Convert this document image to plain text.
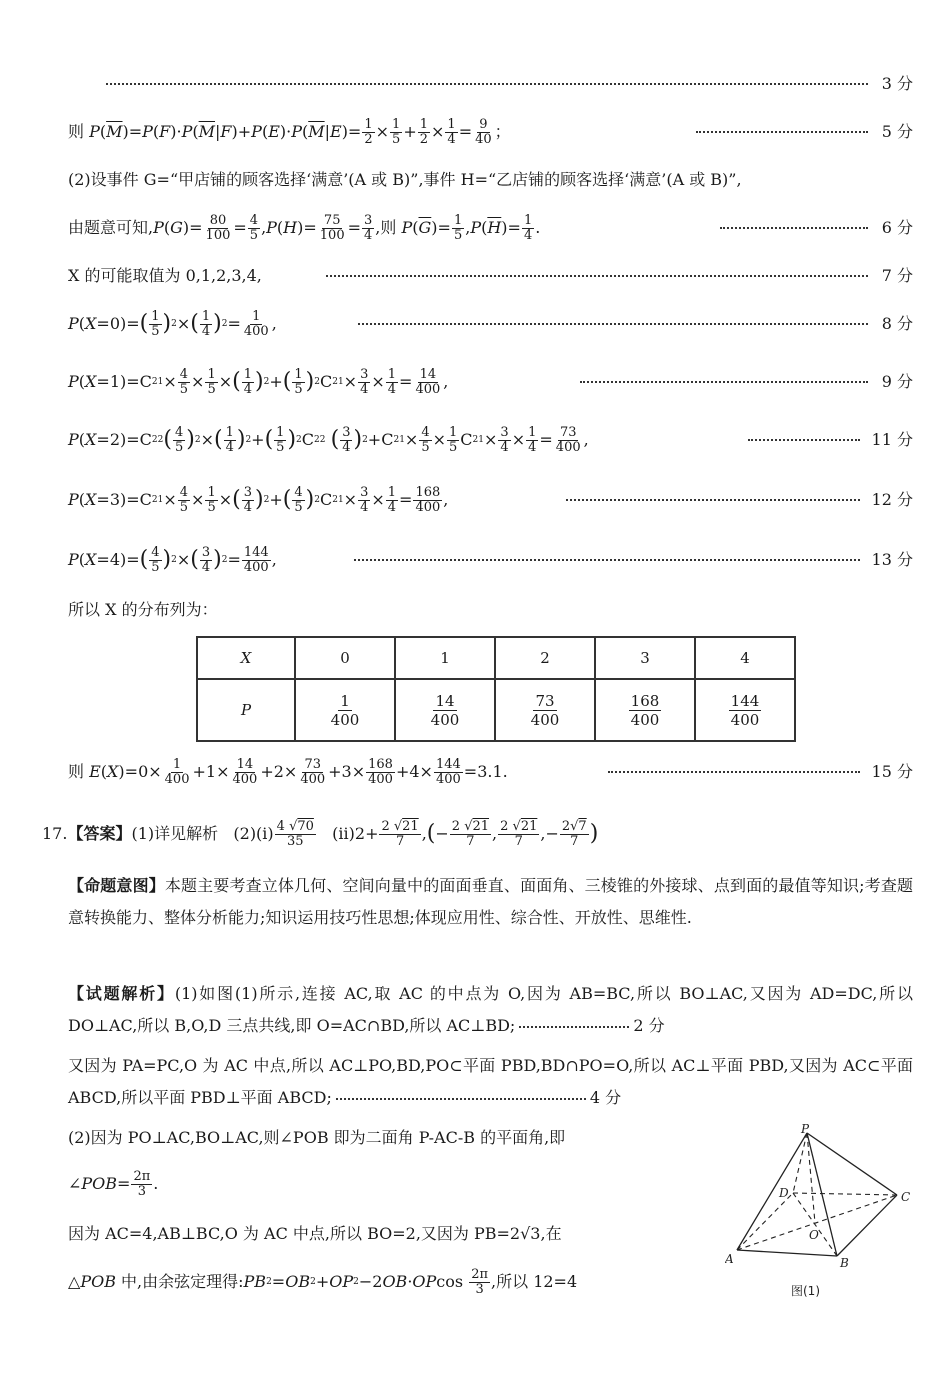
3 分
则 P ( $\overline{M}$ )= P ( F )· P ( $\overline{M}$ | F )+ P ( E )· P ( $\overline{M}$ | E )= $\frac{1}{2} \times \frac{1}{5} + \frac{1}{2} \times \frac{1}{4} = \frac{9}{40}$ ；	5 分
(2)设事件 G=“甲店铺的顾客选择‘满意’(A 或 B)”,事件 H=“乙店铺的顾客选择‘满意’(A 或 B)”,
由题意可知, P ( G )= $\frac{80}{100} = \frac{4}{5}$ , P ( H )= $\frac{75}{100} = \frac{3}{4}$ ,则 P ( $\overline{G}$ )= $\frac{1}{5}$ , P ( $\overline{H}$ )= $\frac{1}{4}$ .	6 分
X 的可能取值为 0,1,2,3,4,	7 分
P ( X =0)= ( $\frac{1}{5}$ ) 2 × ( $\frac{1}{4}$ ) $2 = \frac{1}{400}$ ,	8 分
P ( X =1)=C 2 $1 \times \frac{4}{5} \times \frac{1}{5}$ × ( $\frac{1}{4}$ ) 2 + ( $\frac{1}{5}$ ) 2 C 2 $1 \times \frac{3}{4} \times \frac{1}{4} = \frac{14}{400}$ ,	9 分
P ( X =2)=C 2 2 ( $\frac{4}{5}$ ) 2 × ( $\frac{1}{4}$ ) 2 + ( $\frac{1}{5}$ ) 2 C 2 2
( $\frac{3}{4}$ ) 2 +C 2 $1 \times \frac{4}{5} \times \frac{1}{5}$ C 2 $1 \times \frac{3}{4} \times \frac{1}{4} = \frac{73}{400}$ ,	11 分
P ( X =3)=C 2 $1 \times \frac{4}{5} \times \frac{1}{5}$ × ( $\frac{3}{4}$ ) 2 + ( $\frac{4}{5}$ ) 2 C 2 $1 \times \frac{3}{4} \times \frac{1}{4} = \frac{168}{400}$ ,	12 分
P ( X =4)= ( $\frac{4}{5}$ ) 2 × ( $\frac{3}{4}$ ) $2 = \frac{144}{400}$ ,	13 分
所以 X 的分布列为：
X	0	1	2	3	4
P	$\frac{1}{400}$	$\frac{14}{400}$	$\frac{73}{400}$	$\frac{168}{400}$	$\frac{144}{400}$
则 E ( X )$=0\times \frac{1}{400} +1\times \frac{14}{400} +2\times \frac{73}{400} +3\times \frac{168}{400} +4\times \frac{144}{400} =3.1$.	15 分
17. 【答案】 (1)详见解析   $(2)(i) \frac{4 √70}{35} (ii)2+ \frac{2 √21}{7}$ , ( − $\frac{2 √21}{7}$ , $\frac{2 √21}{7}$ ,− $\frac{2√7}{7}$ )
【命题意图】本题主要考查立体几何、空间向量中的面面垂直、面面角、三棱锥的外接球、点到面的最值等知识;考查题意转换能力、整体分析能力;知识运用技巧性思想;体现应用性、综合性、开放性、思维性.
【试题解析】(1)如图(1)所示,连接 AC,取 AC 的中点为 O,因为 AB=BC,所以 BO⊥AC,又因为 AD=DC,所以 DO⊥AC,所以 B,O,D 三点共线,即 O=AC∩BD,所以 AC⊥BD;	2 分
又因为 PA=PC,O 为 AC 中点,所以 AC⊥PO,BD,PO⊂平面 PBD,BD∩PO=O,所以 AC⊥平面 PBD,又因为 AC⊂平面 ABCD,所以平面 PBD⊥平面 ABCD;	4 分
(2)因为 PO⊥AC,BO⊥AC,则∠POB 即为二面角 P-AC-B 的平面角,即
∠ POB = $\frac{2\pi}{3}$ .
因为 AC=4,AB⊥BC,O 为 AC 中点,所以 BO=2,又因为 PB=2√3,在
△ POB 中,由余弦定理得: PB 2 = OB 2 + OP 2 −2 OB · OP $\cos \frac{2\pi}{3}$ ,所以 12=4
P
D	C
O
A	B
图(1)
